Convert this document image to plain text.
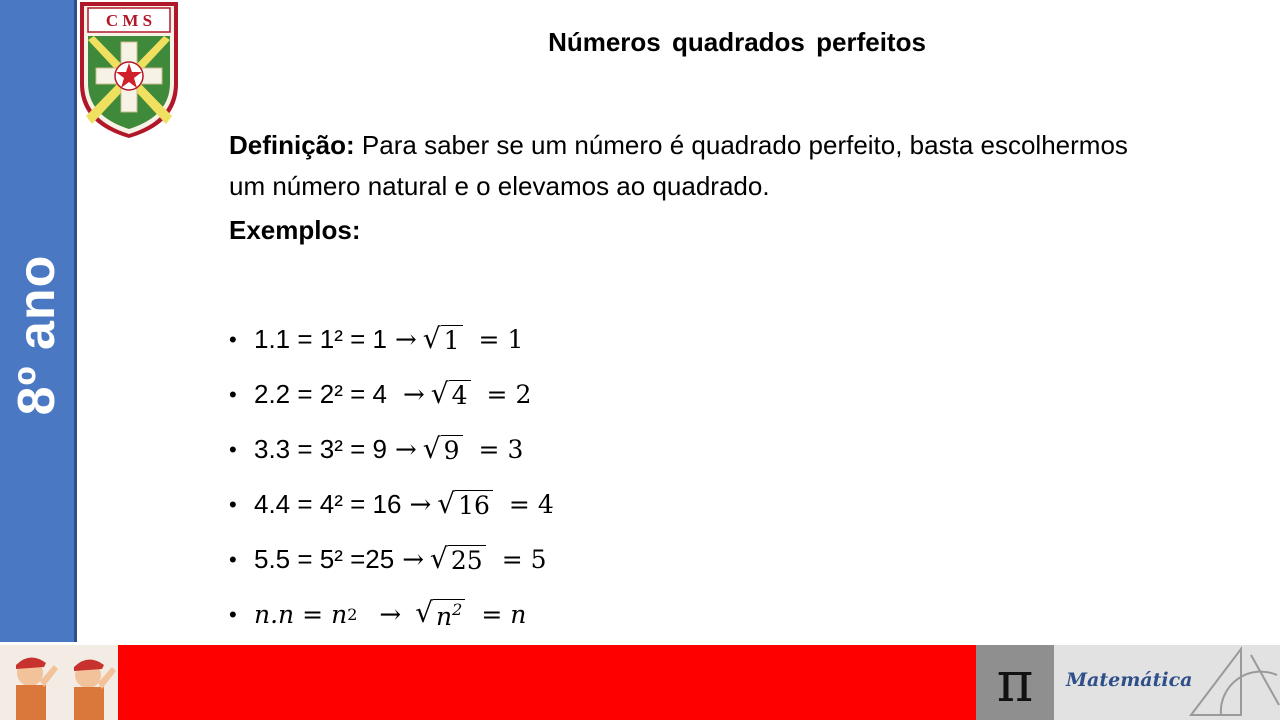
8º ano
C M S
Números quadrados perfeitos
Definição: Para saber se um número é quadrado perfeito, basta escolhermos um número natural e o elevamos ao quadrado.
Exemplos:
• 1.1 = 1² = 1 → √ 1 = 1
• 2.2 = 2² = 4 → √ 4 = 2
• 3.3 = 3² = 9 → √ 9 = 3
• 4.4 = 4² = 16 → √ 16 = 4
• 5.5 = 5² =25 → √ 25 = 5
• n.n = n 2 → √ $n^2 = n$
π	Matemática
